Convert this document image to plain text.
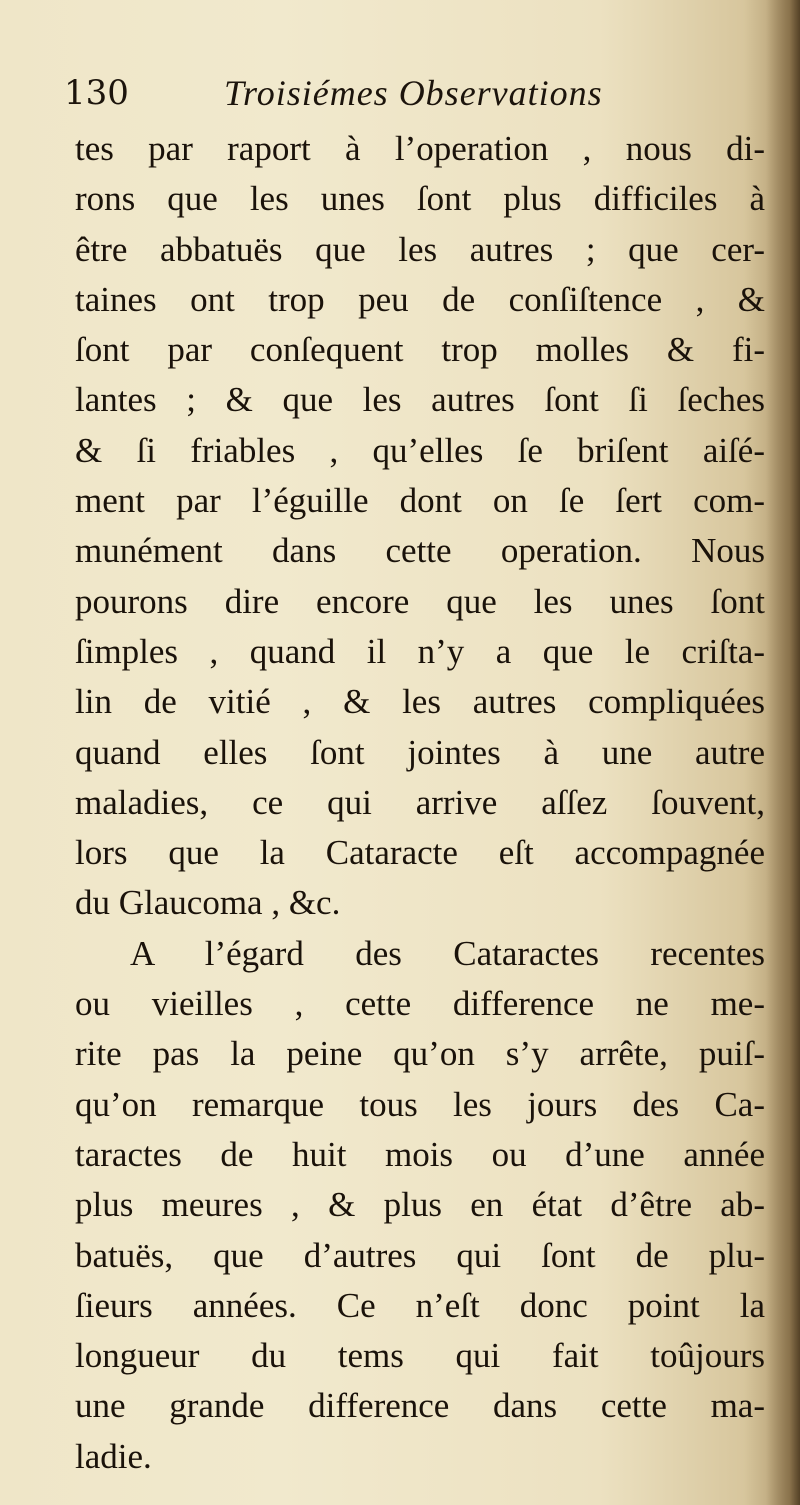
130	Troisiémes Observations
tes par raport à l’operation , nous di-
rons que les unes ſont plus difficiles à
être abbatuës que les autres ; que cer-
taines ont trop peu de conſiſtence , &
ſont par conſequent trop molles & fi-
lantes ; & que les autres ſont ſi ſeches
& ſi friables , qu’elles ſe briſent aiſé-
ment par l’éguille dont on ſe ſert com-
munément dans cette operation. Nous
pourons dire encore que les unes ſont
ſimples , quand il n’y a que le criſta-
lin de vitié , & les autres compliquées
quand elles ſont jointes à une autre
maladies, ce qui arrive aſſez ſouvent,
lors que la Cataracte eſt accompagnée
du Glaucoma , &c.
A l’égard des Cataractes recentes
ou vieilles , cette difference ne me-
rite pas la peine qu’on s’y arrête, puiſ-
qu’on remarque tous les jours des Ca-
taractes de huit mois ou d’une année
plus meures , & plus en état d’être ab-
batuës, que d’autres qui ſont de plu-
ſieurs années. Ce n’eſt donc point la
longueur du tems qui fait toûjours
une grande difference dans cette ma-
ladie.
